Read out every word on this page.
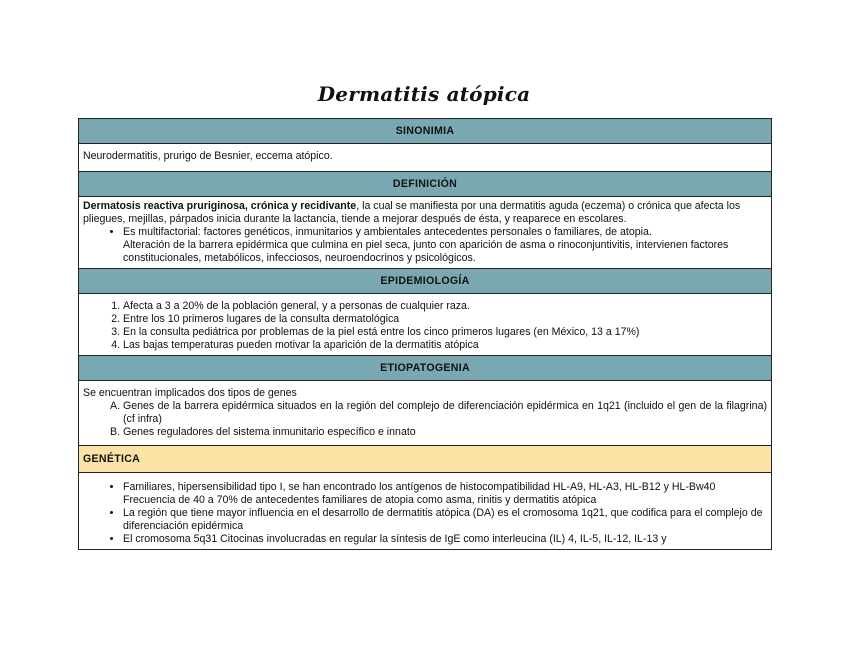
Dermatitis atópica
SINONIMIA
Neurodermatitis, prurigo de Besnier, eccema atópico.
DEFINICIÓN

Dermatosis reactiva pruriginosa, crónica y recidivante, la cual se manifiesta por una dermatitis aguda (eczema) o crónica que afecta los pliegues, mejillas, párpados inicia durante la lactancia, tiende a mejorar después de ésta, y reaparece en escolares.
• Es multifactorial: factores genéticos, inmunitarios y ambientales antecedentes personales o familiares, de atopia.
Alteración de la barrera epidérmica que culmina en piel seca, junto con aparición de asma o rinoconjuntivitis, intervienen factores constitucionales, metabólicos, infecciosos, neuroendocrinos y psicológicos.

EPIDEMIOLOGÍA

1. Afecta a 3 a 20% de la población general, y a personas de cualquier raza.
2. Entre los 10 primeros lugares de la consulta dermatológica
3. En la consulta pediátrica por problemas de la piel está entre los cinco primeros lugares (en México, 13 a 17%)
4. Las bajas temperaturas pueden motivar la aparición de la dermatitis atópica

ETIOPATOGENIA

Se encuentran implicados dos tipos de genes
A. Genes de la barrera epidérmica situados en la región del complejo de diferenciación epidérmica en 1q21 (incluido el gen de la filagrina) (cf infra)
B. Genes reguladores del sistema inmunitario específico e innato

GENÉTICA

• Familiares, hipersensibilidad tipo I, se han encontrado los antígenos de histocompatibilidad HL-A9, HL-A3, HL-B12 y HL-Bw40
Frecuencia de 40 a 70% de antecedentes familiares de atopia como asma, rinitis y dermatitis atópica
• La región que tiene mayor influencia en el desarrollo de dermatitis atópica (DA) es el cromosoma 1q21, que codifica para el complejo de diferenciación epidérmica
• El cromosoma 5q31 Citocinas involucradas en regular la síntesis de IgE como interleucina (IL) 4, IL-5, IL-12, IL-13 y
